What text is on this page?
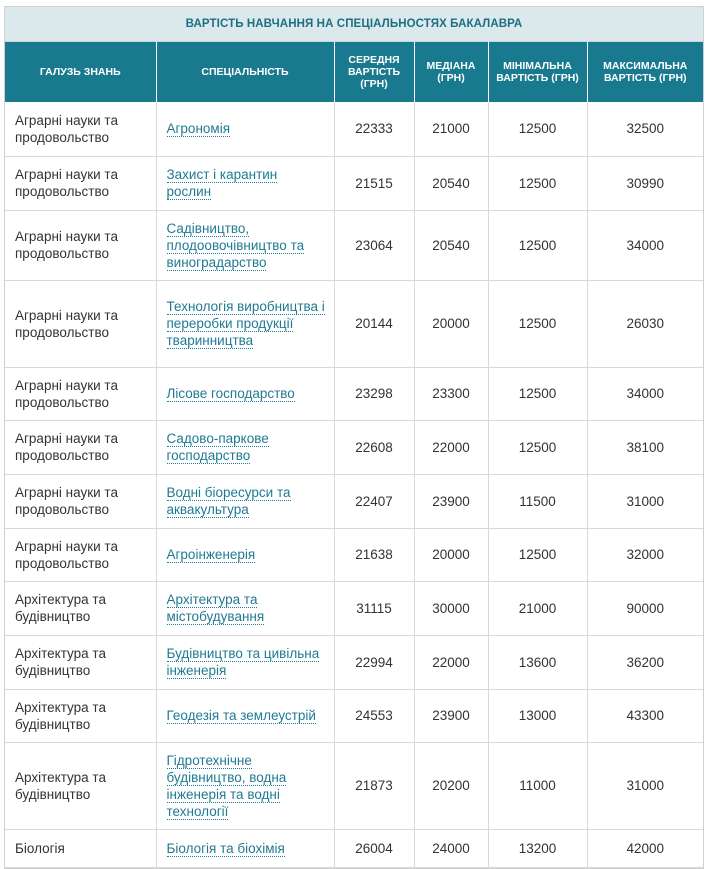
ВАРТІСТЬ НАВЧАННЯ НА СПЕЦІАЛЬНОСТЯХ БАКАЛАВРА
ГАЛУЗЬ ЗНАНЬ	СПЕЦІАЛЬНІСТЬ	СЕРЕДНЯ ВАРТІСТЬ (ГРН)	МЕДІАНА (ГРН)	МІНІМАЛЬНА ВАРТІСТЬ (ГРН)	МАКСИМАЛЬНА ВАРТІСТЬ (ГРН)
Аграрні науки та продовольство	Агрономія	22333	21000	12500	32500
Аграрні науки та продовольство	Захист і карантин рослин	21515	20540	12500	30990
Аграрні науки та продовольство	Садівництво, плодоовочівництво та виноградарство	23064	20540	12500	34000
Аграрні науки та продовольство	Технологія виробництва і переробки продукції тваринництва	20144	20000	12500	26030
Аграрні науки та продовольство	Лісове господарство	23298	23300	12500	34000
Аграрні науки та продовольство	Садово-паркове господарство	22608	22000	12500	38100
Аграрні науки та продовольство	Водні біоресурси та аквакультура	22407	23900	11500	31000
Аграрні науки та продовольство	Агроінженерія	21638	20000	12500	32000
Архітектура та будівництво	Архітектура та містобудування	31115	30000	21000	90000
Архітектура та будівництво	Будівництво та цивільна інженерія	22994	22000	13600	36200
Архітектура та будівництво	Геодезія та землеустрій	24553	23900	13000	43300
Архітектура та будівництво	Гідротехнічне будівництво, водна інженерія та водні технології	21873	20200	11000	31000
Біологія	Біологія та біохімія	26004	24000	13200	42000
